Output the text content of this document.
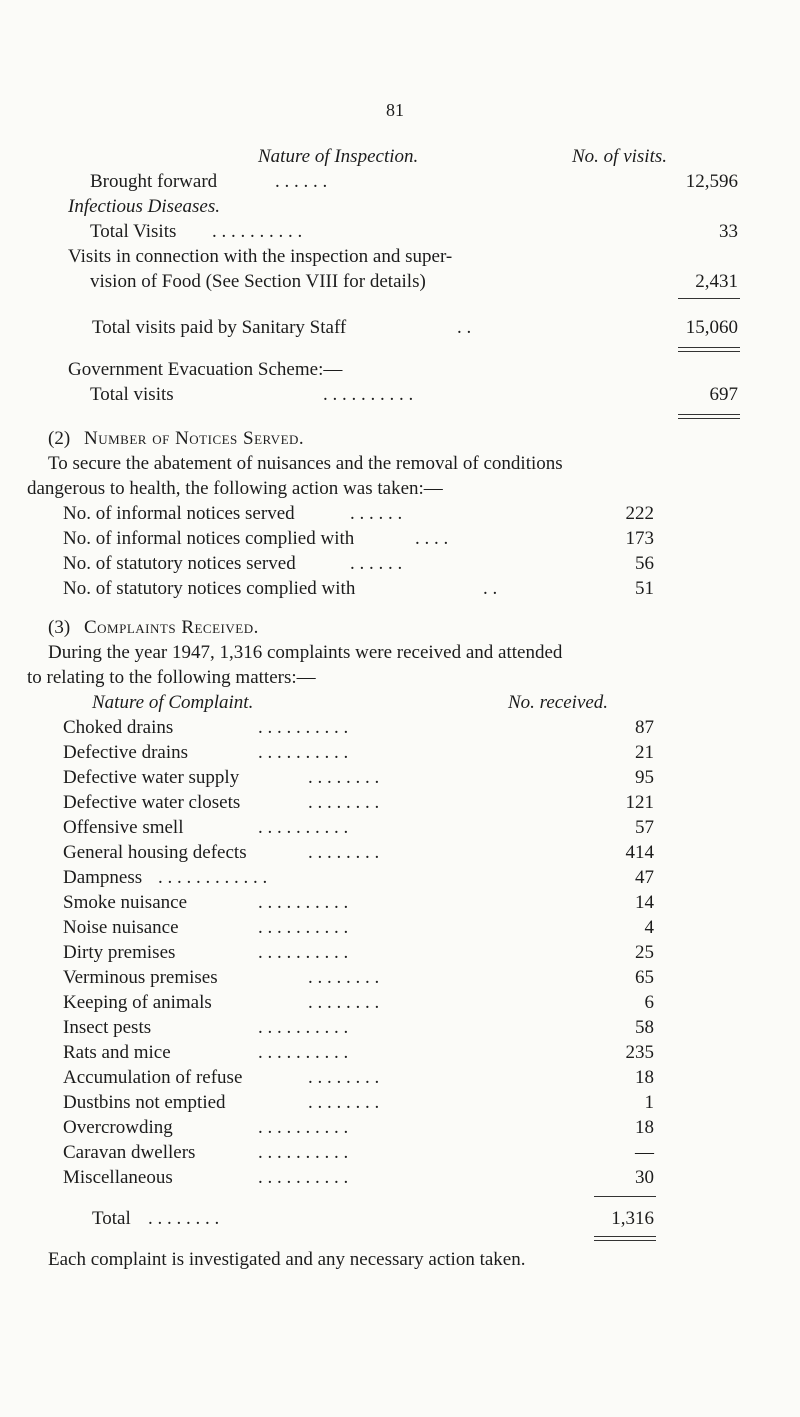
81
Nature of Inspection.	No. of visits.
Brought forward	. . . . . .	12,596
Infectious Diseases.
Total Visits . . . . . . . . . .	33
Visits in connection with the inspection and super-
vision of Food (See Section VIII for details)	2,431
Total visits paid by Sanitary Staff	. .	15,060
Government Evacuation Scheme:—
Total visits	. . . . . . . . . .	697
(2) Number of Notices Served.
To secure the abatement of nuisances and the removal of conditions
dangerous to health, the following action was taken:—
No. of informal notices served	. . . . . .	222
No. of informal notices complied with	. . . .	173
No. of statutory notices served	. . . . . .	56
No. of statutory notices complied with	. .	51
(3) Complaints Received.
During the year 1947, 1,316 complaints were received and attended
to relating to the following matters:—
Nature of Complaint.	No. received.
Choked drains	. . . . . . . . . .	87
Defective drains	. . . . . . . . . .	21
Defective water supply	. . . . . . . .	95
Defective water closets	. . . . . . . .	121
Offensive smell	. . . . . . . . . .	57
General housing defects	. . . . . . . .	414
Dampness . . . . . . . . . . . .	47
Smoke nuisance	. . . . . . . . . .	14
Noise nuisance	. . . . . . . . . .	4
Dirty premises	. . . . . . . . . .	25
Verminous premises	. . . . . . . .	65
Keeping of animals	. . . . . . . .	6
Insect pests	. . . . . . . . . .	58
Rats and mice	. . . . . . . . . .	235
Accumulation of refuse	. . . . . . . .	18
Dustbins not emptied	. . . . . . . .	1
Overcrowding	. . . . . . . . . .	18
Caravan dwellers	. . . . . . . . . .	—
Miscellaneous	. . . . . . . . . .	30
Total . . . . . . . .	1,316
Each complaint is investigated and any necessary action taken.
